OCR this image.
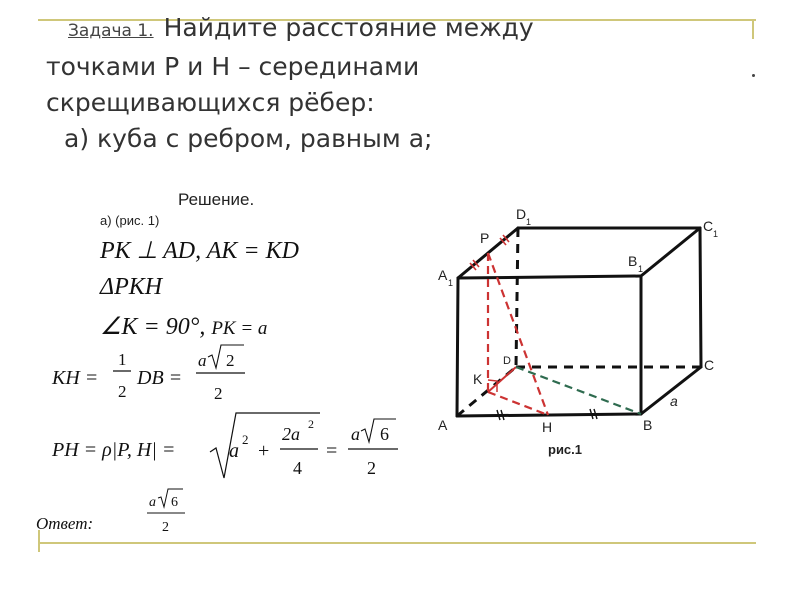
Задача 1. Найдите расстояние между
точками P и H – серединами
скрещивающихся рёбер:
а) куба с ребром, равным а;
Решение.
а) (рис. 1)
PK ⊥ AD, AK = KD
ΔPKH
∠K = 90°, PK = a
KH =
1
2
DB =
a 2
2
PH = ρ|P, H| =	a
2
+
2a 2
4
=
a 6
2
a 6
2
Ответ:
A	B
C
D
A 1
B 1
C 1
D 1
P
K
H
a
рис.1
